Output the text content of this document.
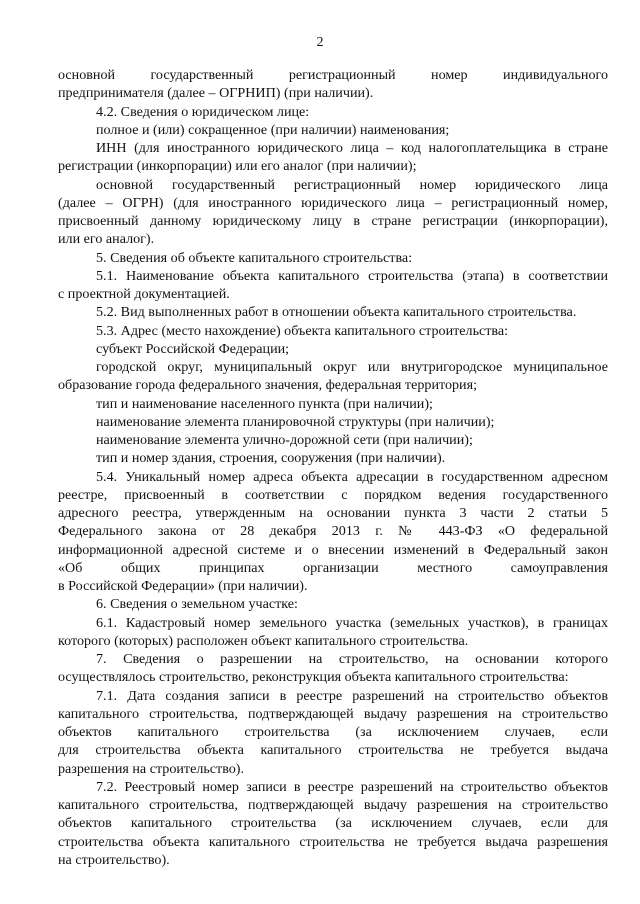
2

основной государственный регистрационный номер индивидуального

предпринимателя (далее – ОГРНИП) (при наличии).

4.2. Сведения о юридическом лице:

полное и (или) сокращенное (при наличии) наименования;

ИНН (для иностранного юридического лица – код налогоплательщика в стране

регистрации (инкорпорации) или его аналог (при наличии);

основной государственный регистрационный номер юридического лица

(далее – ОГРН) (для иностранного юридического лица – регистрационный номер,

присвоенный данному юридическому лицу в стране регистрации (инкорпорации),

или его аналог).

5. Сведения об объекте капитального строительства:

5.1. Наименование объекта капитального строительства (этапа) в соответствии

с проектной документацией.

5.2. Вид выполненных работ в отношении объекта капитального строительства.

5.3. Адрес (место нахождение) объекта капитального строительства:

субъект Российской Федерации;

городской округ, муниципальный округ или внутригородское муниципальное

образование города федерального значения, федеральная территория;

тип и наименование населенного пункта (при наличии);

наименование элемента планировочной структуры (при наличии);

наименование элемента улично-дорожной сети (при наличии);

тип и номер здания, строения, сооружения (при наличии).

5.4. Уникальный номер адреса объекта адресации в государственном адресном

реестре, присвоенный в соответствии с порядком ведения государственного

адресного реестра, утвержденным на основании пункта 3 части 2 статьи 5

Федерального закона от 28 декабря 2013 г. № 443-ФЗ «О федеральной

информационной адресной системе и о внесении изменений в Федеральный закон

«Об общих принципах организации местного самоуправления

в Российской Федерации» (при наличии).

6. Сведения о земельном участке:

6.1. Кадастровый номер земельного участка (земельных участков), в границах

которого (которых) расположен объект капитального строительства.

7. Сведения о разрешении на строительство, на основании которого

осуществлялось строительство, реконструкция объекта капитального строительства:

7.1. Дата создания записи в реестре разрешений на строительство объектов

капитального строительства, подтверждающей выдачу разрешения на строительство

объектов капитального строительства (за исключением случаев, если

для строительства объекта капитального строительства не требуется выдача

разрешения на строительство).

7.2. Реестровый номер записи в реестре разрешений на строительство объектов

капитального строительства, подтверждающей выдачу разрешения на строительство

объектов капитального строительства (за исключением случаев, если для

строительства объекта капитального строительства не требуется выдача разрешения

на строительство).
